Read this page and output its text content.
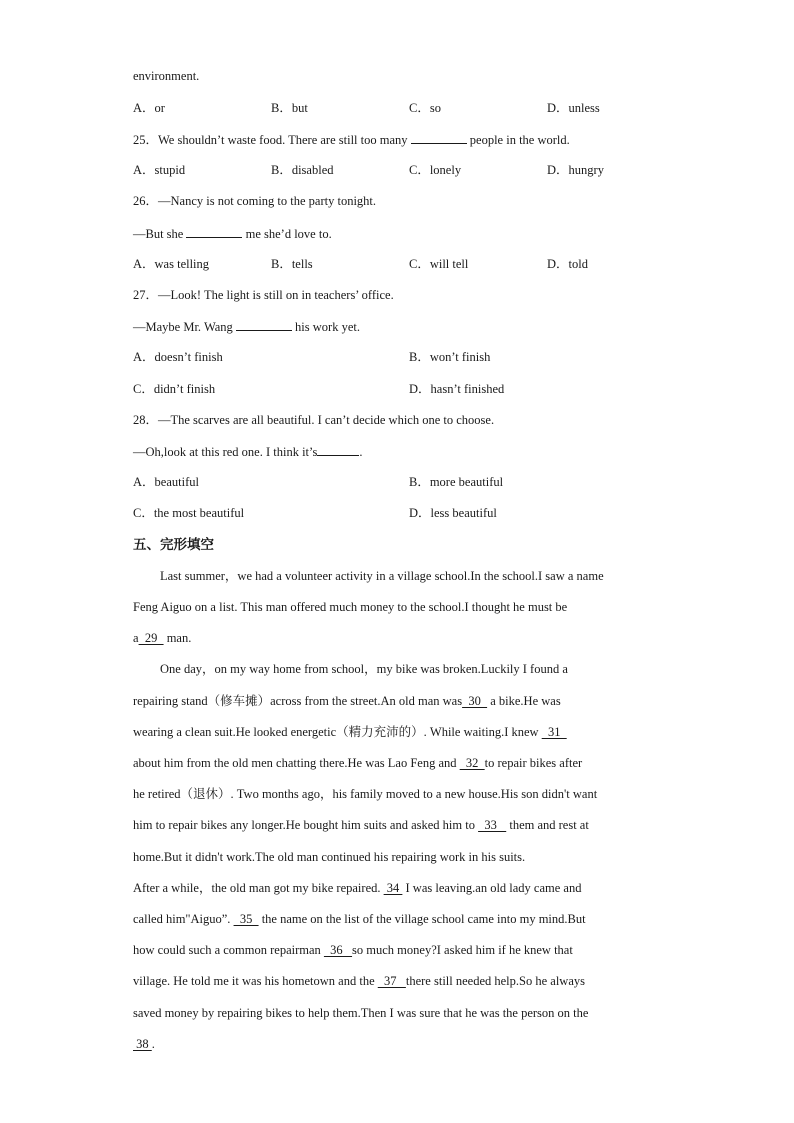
environment.
A．or	B．but	C．so	D．unless
25．We shouldn’t waste food. There are still too many	people in the world.
A．stupid	B．disabled	C．lonely	D．hungry
26．—Nancy is not coming to the party tonight.
—But she	me she’d love to.
A．was telling	B．tells	C．will tell	D．told
27．—Look! The light is still on in teachers’ office.
—Maybe Mr. Wang	his work yet.
A．doesn’t finish	B．won’t finish
C．didn’t finish	D．hasn’t finished
28．—The scarves are all beautiful. I can’t decide which one to choose.
—Oh,look at this red one. I think it’s	.
A．beautiful	B．more beautiful
C．the most beautiful	D．less beautiful
五、完形填空
Last summer，we had a volunteer activity in a village school.In the school.I saw a name
Feng Aiguo on a list. This man offered much money to the school.I thought he must be
a  29   man.
One day，on my way home from school，my bike was broken.Luckily I found a
repairing stand（修车摊）across from the street.An old man was  30   a bike.He was
wearing a clean suit.He looked energetic（精力充沛的）. While waiting.I knew   31
about him from the old men chatting there.He was Lao Feng and   32  to repair bikes after
he retired（退休）. Two months ago，his family moved to a new house.His son didn't want
him to repair bikes any longer.He bought him suits and asked him to   33    them and rest at
home.But it didn't work.The old man continued his repairing work in his suits.
After a while，the old man got my bike repaired.  34  I was leaving.an old lady came and
called him"Aiguo”.   35   the name on the list of the village school came into my mind.But
how could such a common repairman   36   so much money?I asked him if he knew that
village. He told me it was his hometown and the   37   there still needed help.So he always
saved money by repairing bikes to help them.Then I was sure that he was the person on the
38 .
